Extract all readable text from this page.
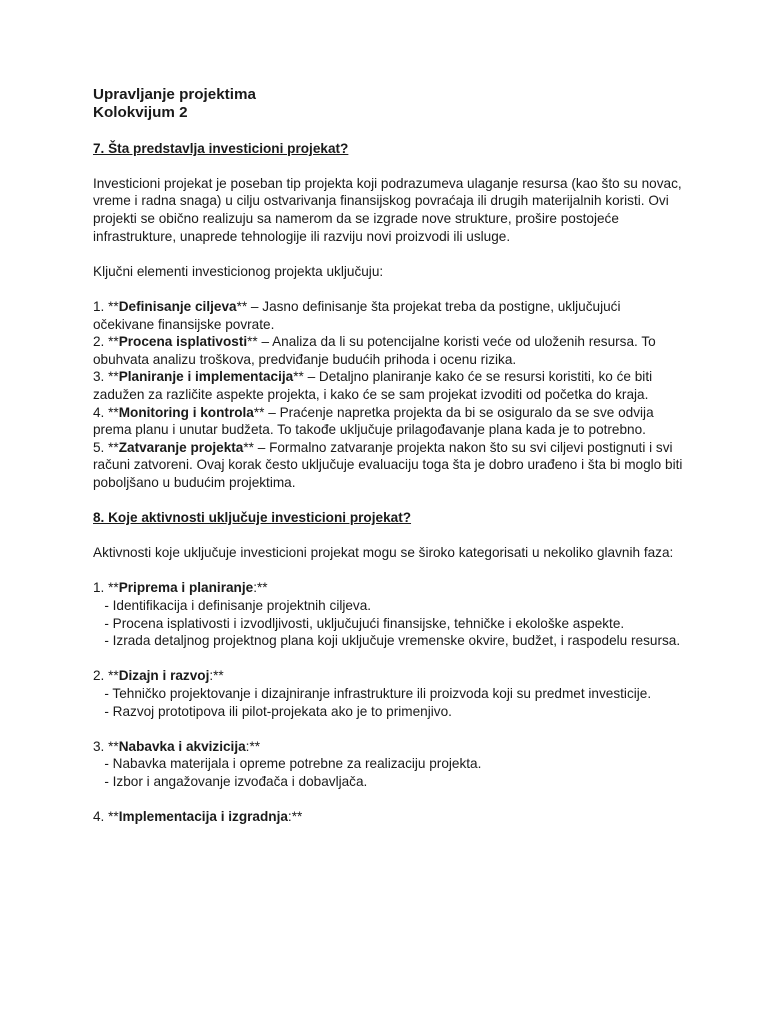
Upravljanje projektima

Kolokvijum 2

7. Šta predstavlja investicioni projekat?

Investicioni projekat je poseban tip projekta koji podrazumeva ulaganje resursa (kao što su novac, vreme i radna snaga) u cilju ostvarivanja finansijskog povraćaja ili drugih materijalnih koristi. Ovi projekti se obično realizuju sa namerom da se izgrade nove strukture, prošire postojeće infrastrukture, unaprede tehnologije ili razviju novi proizvodi ili usluge.

Ključni elementi investicionog projekta uključuju:

1. **Definisanje ciljeva** – Jasno definisanje šta projekat treba da postigne, uključujući očekivane finansijske povrate.

2. **Procena isplativosti** – Analiza da li su potencijalne koristi veće od uloženih resursa. To obuhvata analizu troškova, predviđanje budućih prihoda i ocenu rizika.

3. **Planiranje i implementacija** – Detaljno planiranje kako će se resursi koristiti, ko će biti zadužen za različite aspekte projekta, i kako će se sam projekat izvoditi od početka do kraja.

4. **Monitoring i kontrola** – Praćenje napretka projekta da bi se osiguralo da se sve odvija prema planu i unutar budžeta. To takođe uključuje prilagođavanje plana kada je to potrebno.

5. **Zatvaranje projekta** – Formalno zatvaranje projekta nakon što su svi ciljevi postignuti i svi računi zatvoreni. Ovaj korak često uključuje evaluaciju toga šta je dobro urađeno i šta bi moglo biti poboljšano u budućim projektima.

8. Koje aktivnosti uključuje investicioni projekat?

Aktivnosti koje uključuje investicioni projekat mogu se široko kategorisati u nekoliko glavnih faza:

1. **Priprema i planiranje:**

- Identifikacija i definisanje projektnih ciljeva.

- Procena isplativosti i izvodljivosti, uključujući finansijske, tehničke i ekološke aspekte.

- Izrada detaljnog projektnog plana koji uključuje vremenske okvire, budžet, i raspodelu resursa.

2. **Dizajn i razvoj:**

- Tehničko projektovanje i dizajniranje infrastrukture ili proizvoda koji su predmet investicije.

- Razvoj prototipova ili pilot-projekata ako je to primenjivo.

3. **Nabavka i akvizicija:**

- Nabavka materijala i opreme potrebne za realizaciju projekta.

- Izbor i angažovanje izvođača i dobavljača.

4. **Implementacija i izgradnja:**
